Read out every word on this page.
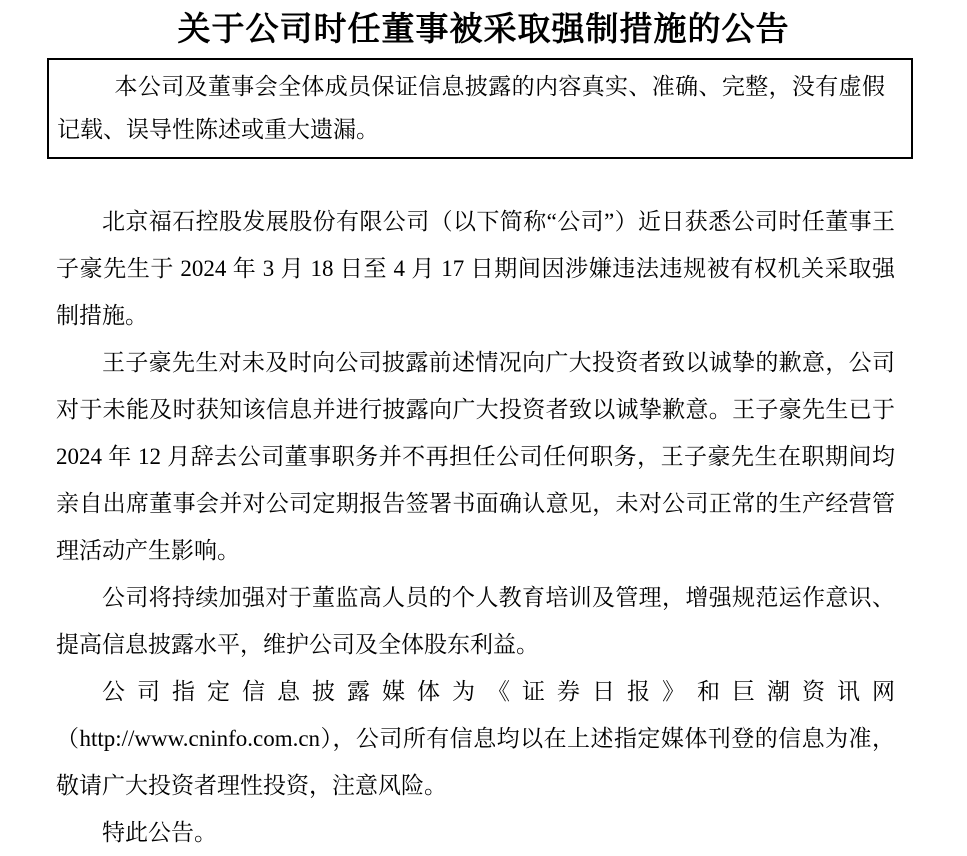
关于公司时任董事被采取强制措施的公告
本公司及董事会全体成员保证信息披露的内容真实、准确、完整，没有虚假记载、误导性陈述或重大遗漏。

北京福石控股发展股份有限公司（以下简称“公司”）近日获悉公司时任董事王子豪先生于 2024 年 3 月 18 日至 4 月 17 日期间因涉嫌违法违规被有权机关采取强制措施。

王子豪先生对未及时向公司披露前述情况向广大投资者致以诚挚的歉意，公司对于未能及时获知该信息并进行披露向广大投资者致以诚挚歉意。王子豪先生已于 2024 年 12 月辞去公司董事职务并不再担任公司任何职务，王子豪先生在职期间均亲自出席董事会并对公司定期报告签署书面确认意见，未对公司正常的生产经营管理活动产生影响。

公司将持续加强对于董监高人员的个人教育培训及管理，增强规范运作意识、提高信息披露水平，维护公司及全体股东利益。

公司指定信息披露媒体为《证券日报》和巨潮资讯网（http://www.cninfo.com.cn），公司所有信息均以在上述指定媒体刊登的信息为准，敬请广大投资者理性投资，注意风险。

特此公告。
